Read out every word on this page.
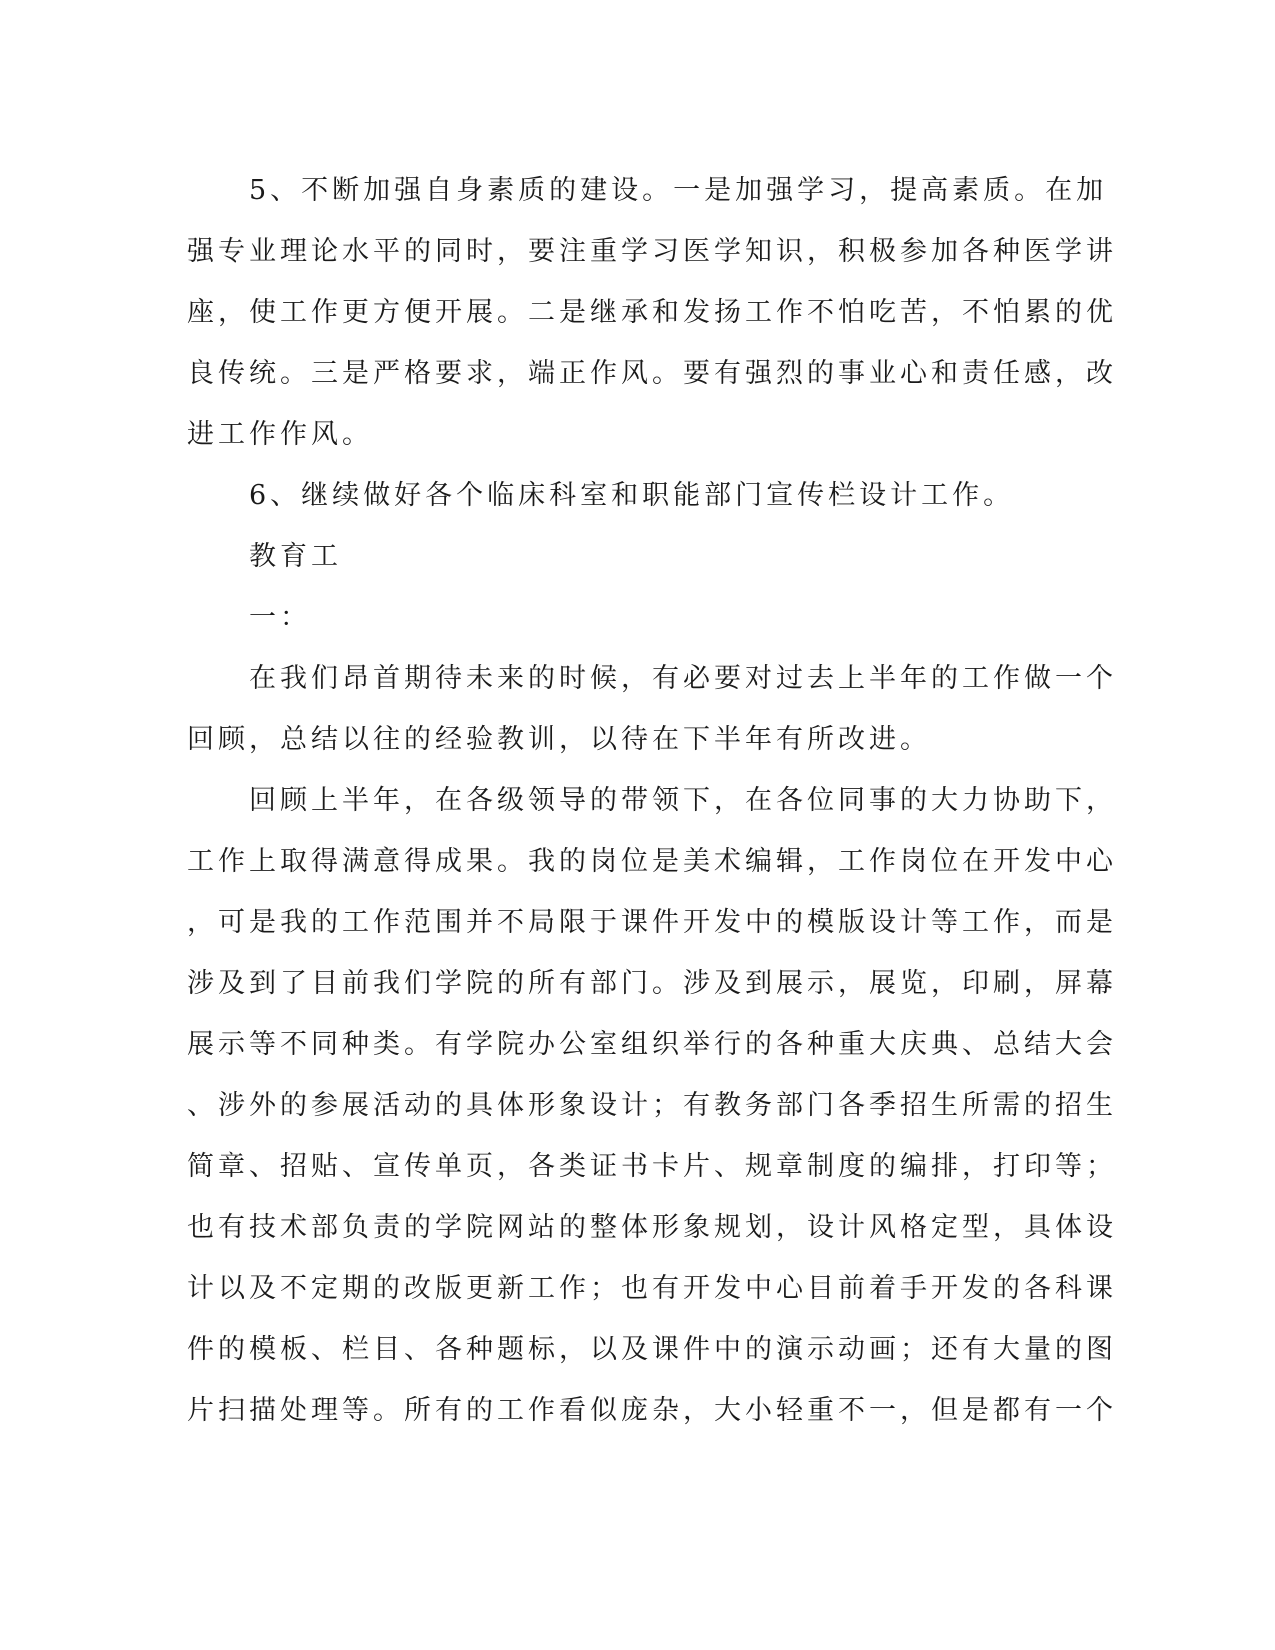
　　5、不断加强自身素质的建设。一是加强学习，提高素质。在加
强专业理论水平的同时，要注重学习医学知识，积极参加各种医学讲
座，使工作更方便开展。二是继承和发扬工作不怕吃苦，不怕累的优
良传统。三是严格要求，端正作风。要有强烈的事业心和责任感，改
进工作作风。
　　6、继续做好各个临床科室和职能部门宣传栏设计工作。
　　教育工
　　一：
　　在我们昂首期待未来的时候，有必要对过去上半年的工作做一个
回顾，总结以往的经验教训，以待在下半年有所改进。
　　回顾上半年，在各级领导的带领下，在各位同事的大力协助下，
工作上取得满意得成果。我的岗位是美术编辑，工作岗位在开发中心
，可是我的工作范围并不局限于课件开发中的模版设计等工作，而是
涉及到了目前我们学院的所有部门。涉及到展示，展览，印刷，屏幕
展示等不同种类。有学院办公室组织举行的各种重大庆典、总结大会
、涉外的参展活动的具体形象设计；有教务部门各季招生所需的招生
简章、招贴、宣传单页，各类证书卡片、规章制度的编排，打印等；
也有技术部负责的学院网站的整体形象规划，设计风格定型，具体设
计以及不定期的改版更新工作；也有开发中心目前着手开发的各科课
件的模板、栏目、各种题标，以及课件中的演示动画；还有大量的图
片扫描处理等。所有的工作看似庞杂，大小轻重不一，但是都有一个
